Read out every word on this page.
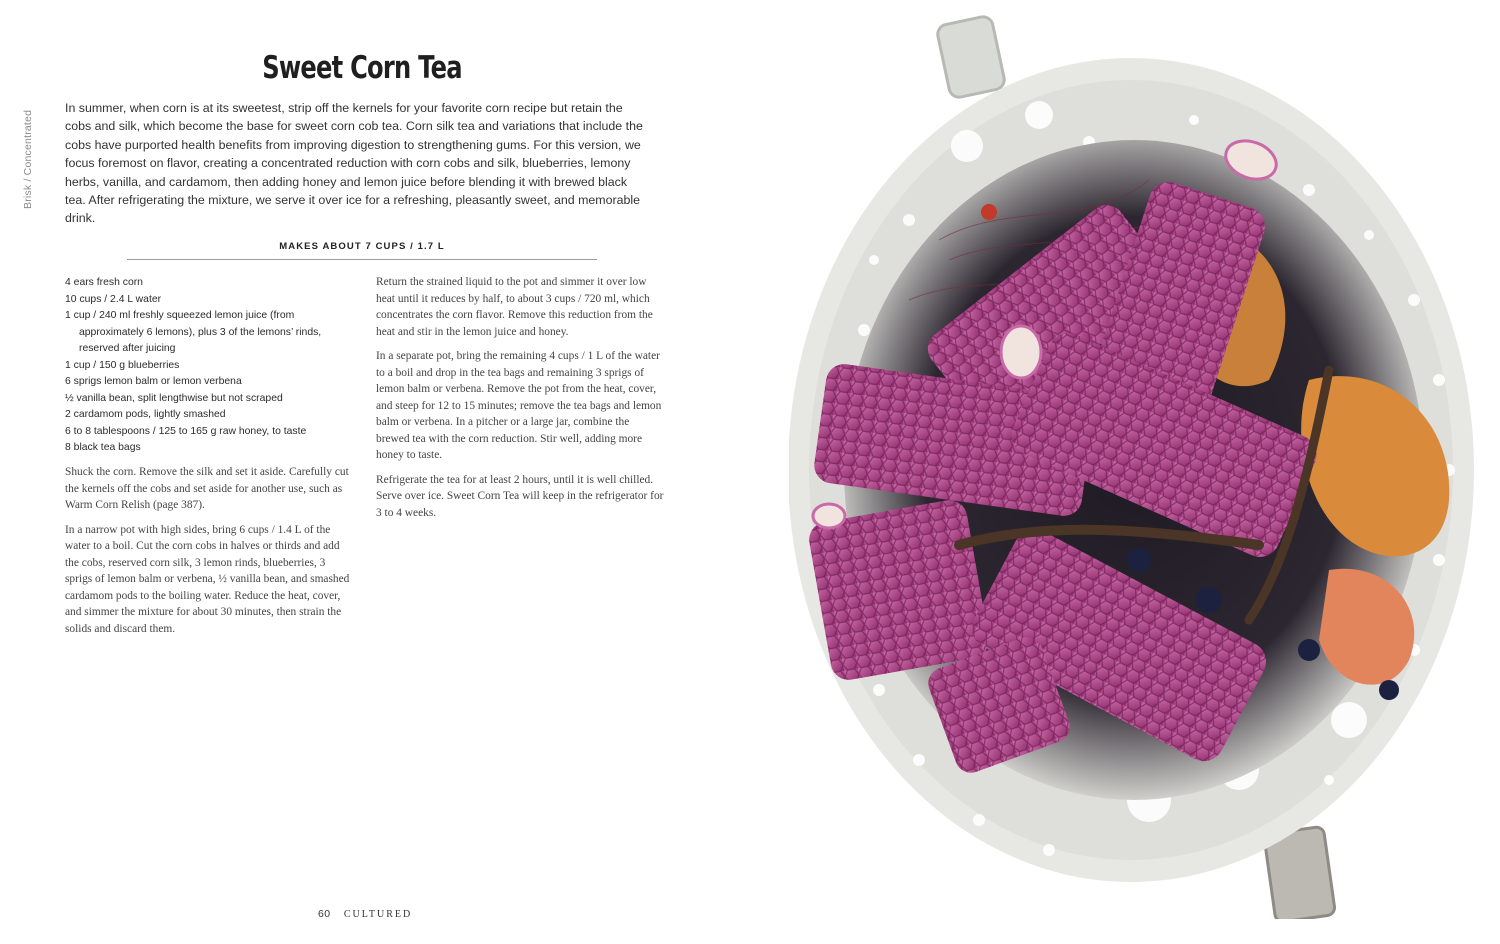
Brisk / Concentrated
Sweet Corn Tea

In summer, when corn is at its sweetest, strip off the kernels for your favorite corn recipe but retain the cobs and silk, which become the base for sweet corn cob tea. Corn silk tea and variations that include the cobs have purported health benefits from improving digestion to strengthening gums. For this version, we focus foremost on flavor, creating a concentrated reduction with corn cobs and silk, blueberries, lemony herbs, vanilla, and cardamom, then adding honey and lemon juice before blending it with brewed black tea. After refrigerating the mixture, we serve it over ice for a refreshing, pleasantly sweet, and memorable drink.

MAKES ABOUT 7 CUPS / 1.7 L

4 ears fresh corn
10 cups / 2.4 L water
1 cup / 240 ml freshly squeezed lemon juice (from approximately 6 lemons), plus 3 of the lemons’ rinds, reserved after juicing
1 cup / 150 g blueberries
6 sprigs lemon balm or lemon verbena
½ vanilla bean, split lengthwise but not scraped
2 cardamom pods, lightly smashed
6 to 8 tablespoons / 125 to 165 g raw honey, to taste
8 black tea bags

Shuck the corn. Remove the silk and set it aside. Carefully cut the kernels off the cobs and set aside for another use, such as Warm Corn Relish (page 387).

In a narrow pot with high sides, bring 6 cups / 1.4 L of the water to a boil. Cut the corn cobs in halves or thirds and add the cobs, reserved corn silk, 3 lemon rinds, blueberries, 3 sprigs of lemon balm or verbena, ½ vanilla bean, and smashed cardamom pods to the boiling water. Reduce the heat, cover, and simmer the mixture for about 30 minutes, then strain the solids and discard them.

Return the strained liquid to the pot and simmer it over low heat until it reduces by half, to about 3 cups / 720 ml, which concentrates the corn flavor. Remove this reduction from the heat and stir in the lemon juice and honey.

In a separate pot, bring the remaining 4 cups / 1 L of the water to a boil and drop in the tea bags and remaining 3 sprigs of lemon balm or verbena. Remove the pot from the heat, cover, and steep for 12 to 15 minutes; remove the tea bags and lemon balm or verbena. In a pitcher or a large jar, combine the brewed tea with the corn reduction. Stir well, adding more honey to taste.

Refrigerate the tea for at least 2 hours, until it is well chilled. Serve over ice. Sweet Corn Tea will keep in the refrigerator for 3 to 4 weeks.

60 CULTURED
